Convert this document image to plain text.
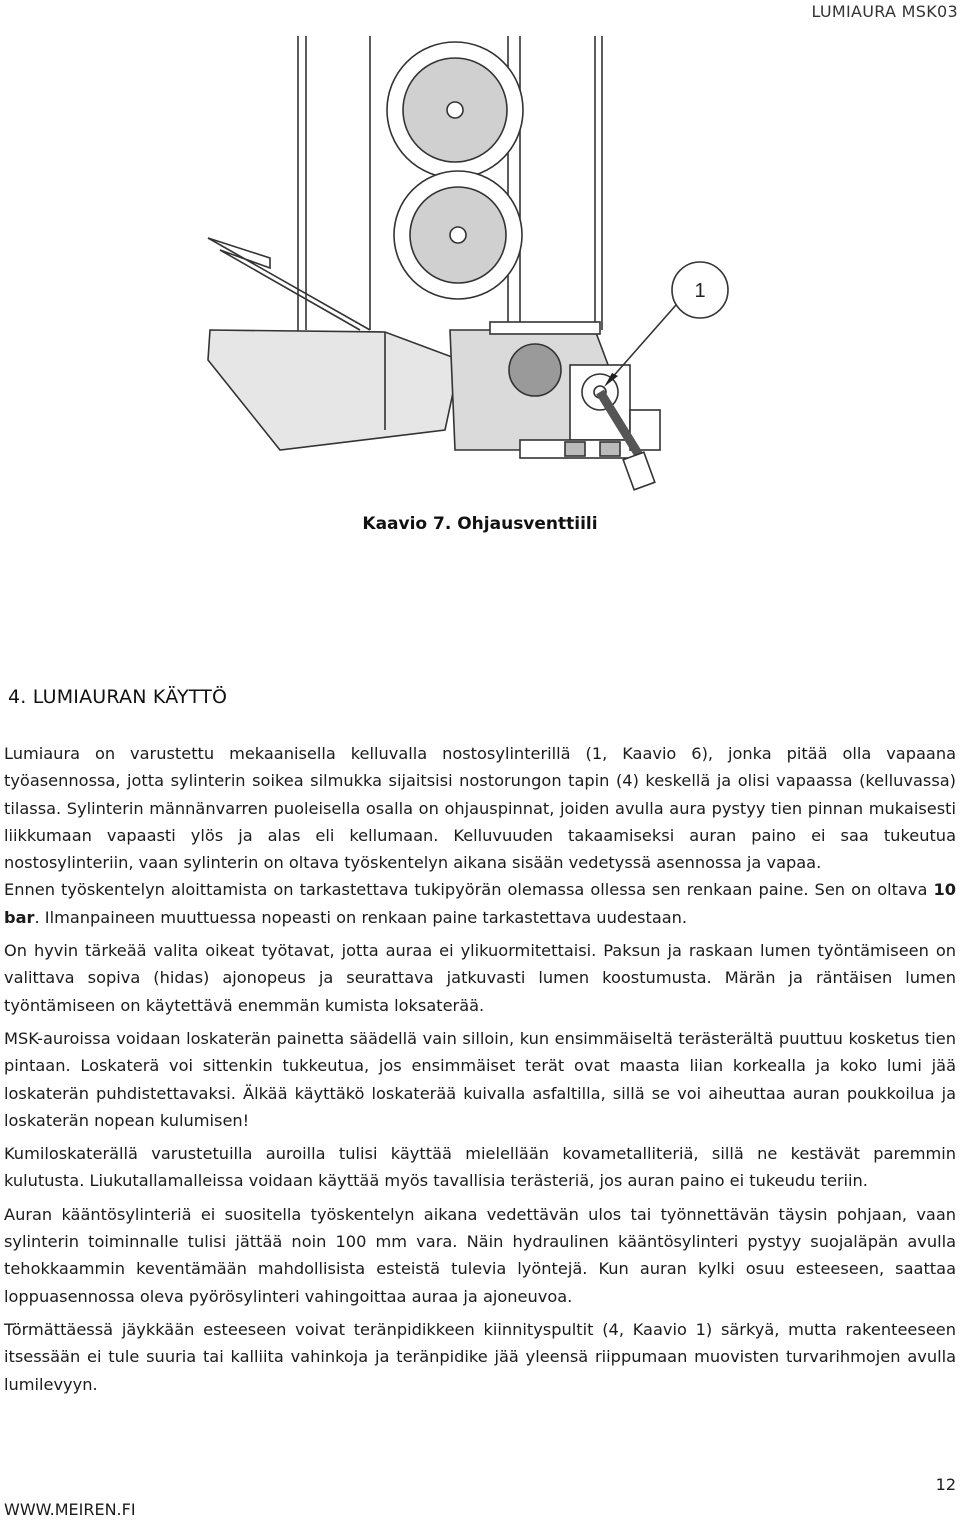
LUMIAURA MSK03
1
Kaavio 7. Ohjausventtiili
4. LUMIAURAN KÄYTTÖ

Lumiaura on varustettu mekaanisella kelluvalla nostosylinterillä (1, Kaavio 6), jonka pitää olla vapaana työasennossa, jotta sylinterin soikea silmukka sijaitsisi nostorungon tapin (4) keskellä ja olisi vapaassa (kelluvassa) tilassa. Sylinterin männänvarren puoleisella osalla on ohjauspinnat, joiden avulla aura pystyy tien pinnan mukaisesti liikkumaan vapaasti ylös ja alas eli kellumaan. Kelluvuuden takaamiseksi auran paino ei saa tukeutua nostosylinteriin, vaan sylinterin on oltava työskentelyn aikana sisään vedetyssä asennossa ja vapaa.

Ennen työskentelyn aloittamista on tarkastettava tukipyörän olemassa ollessa sen renkaan paine. Sen on oltava 10 bar. Ilmanpaineen muuttuessa nopeasti on renkaan paine tarkastettava uudestaan.

On hyvin tärkeää valita oikeat työtavat, jotta auraa ei ylikuormitettaisi. Paksun ja raskaan lumen työntämiseen on valittava sopiva (hidas) ajonopeus ja seurattava jatkuvasti lumen koostumusta. Märän ja räntäisen lumen työntämiseen on käytettävä enemmän kumista loksaterää.

MSK-auroissa voidaan loskaterän painetta säädellä vain silloin, kun ensimmäiseltä terästerältä puuttuu kosketus tien pintaan. Loskaterä voi sittenkin tukkeutua, jos ensimmäiset terät ovat maasta liian korkealla ja koko lumi jää loskaterän puhdistettavaksi. Älkää käyttäkö loskaterää kuivalla asfaltilla, sillä se voi aiheuttaa auran poukkoilua ja loskaterän nopean kulumisen!

Kumiloskaterällä varustetuilla auroilla tulisi käyttää mielellään kovametalliteriä, sillä ne kestävät paremmin kulutusta. Liukutallamalleissa voidaan käyttää myös tavallisia terästeriä, jos auran paino ei tukeudu teriin.

Auran kääntösylinteriä ei suositella työskentelyn aikana vedettävän ulos tai työnnettävän täysin pohjaan, vaan sylinterin toiminnalle tulisi jättää noin 100 mm vara. Näin hydraulinen kääntösylinteri pystyy suojaläpän avulla tehokkaammin keventämään mahdollisista esteistä tulevia lyöntejä. Kun auran kylki osuu esteeseen, saattaa loppuasennossa oleva pyörösylinteri vahingoittaa auraa ja ajoneuvoa.

Törmättäessä jäykkään esteeseen voivat teränpidikkeen kiinnityspultit (4, Kaavio 1) särkyä, mutta rakenteeseen itsessään ei tule suuria tai kalliita vahinkoja ja teränpidike jää yleensä riippumaan muovisten turvarihmojen avulla lumilevyyn.

12
WWW.MEIREN.FI
